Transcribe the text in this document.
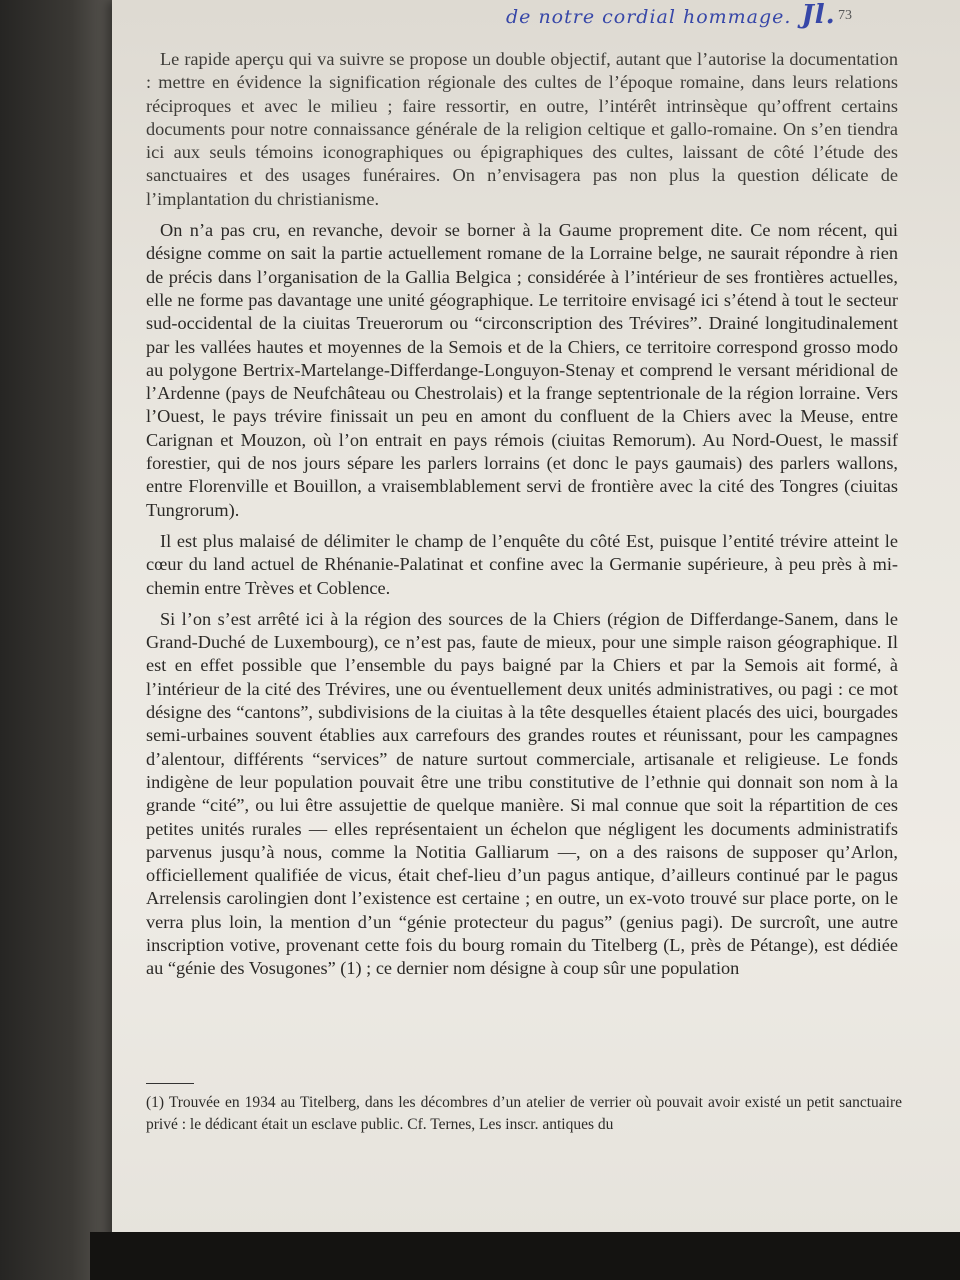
de notre cordial hommage. Jl. 73

Le rapide aperçu qui va suivre se propose un double objectif, autant que l’autorise la documentation : mettre en évidence la signification régionale des cultes de l’époque romaine, dans leurs relations réciproques et avec le milieu ; faire ressortir, en outre, l’intérêt intrinsèque qu’offrent certains documents pour notre connaissance générale de la religion celtique et gallo-romaine. On s’en tiendra ici aux seuls témoins iconographiques ou épigraphiques des cultes, laissant de côté l’étude des sanctuaires et des usages funéraires. On n’envisagera pas non plus la question délicate de l’implantation du christianisme.

On n’a pas cru, en revanche, devoir se borner à la Gaume proprement dite. Ce nom récent, qui désigne comme on sait la partie actuellement romane de la Lorraine belge, ne saurait répondre à rien de précis dans l’organisation de la Gallia Belgica ; considérée à l’intérieur de ses frontières actuelles, elle ne forme pas davantage une unité géographique. Le territoire envisagé ici s’étend à tout le secteur sud-occidental de la ciuitas Treuerorum ou “circonscription des Trévires”. Drainé longitudinalement par les vallées hautes et moyennes de la Semois et de la Chiers, ce territoire correspond grosso modo au polygone Bertrix-Martelange-Differdange-Longuyon-Stenay et comprend le versant méridional de l’Ardenne (pays de Neufchâteau ou Chestrolais) et la frange septentrionale de la région lorraine. Vers l’Ouest, le pays trévire finissait un peu en amont du confluent de la Chiers avec la Meuse, entre Carignan et Mouzon, où l’on entrait en pays rémois (ciuitas Remorum). Au Nord-Ouest, le massif forestier, qui de nos jours sépare les parlers lorrains (et donc le pays gaumais) des parlers wallons, entre Florenville et Bouillon, a vraisemblablement servi de frontière avec la cité des Tongres (ciuitas Tungrorum).

Il est plus malaisé de délimiter le champ de l’enquête du côté Est, puisque l’entité trévire atteint le cœur du land actuel de Rhénanie-Palatinat et confine avec la Germanie supérieure, à peu près à mi-chemin entre Trèves et Coblence.

Si l’on s’est arrêté ici à la région des sources de la Chiers (région de Differdange-Sanem, dans le Grand-Duché de Luxembourg), ce n’est pas, faute de mieux, pour une simple raison géographique. Il est en effet possible que l’ensemble du pays baigné par la Chiers et par la Semois ait formé, à l’intérieur de la cité des Trévires, une ou éventuellement deux unités administratives, ou pagi : ce mot désigne des “cantons”, subdivisions de la ciuitas à la tête desquelles étaient placés des uici, bourgades semi-urbaines souvent établies aux carrefours des grandes routes et réunissant, pour les campagnes d’alentour, différents “services” de nature surtout commerciale, artisanale et religieuse. Le fonds indigène de leur population pouvait être une tribu constitutive de l’ethnie qui donnait son nom à la grande “cité”, ou lui être assujettie de quelque manière. Si mal connue que soit la répartition de ces petites unités rurales — elles représentaient un échelon que négligent les documents administratifs parvenus jusqu’à nous, comme la Notitia Galliarum —, on a des raisons de supposer qu’Arlon, officiellement qualifiée de vicus, était chef-lieu d’un pagus antique, d’ailleurs continué par le pagus Arrelensis carolingien dont l’existence est certaine ; en outre, un ex-voto trouvé sur place porte, on le verra plus loin, la mention d’un “génie protecteur du pagus” (genius pagi). De surcroît, une autre inscription votive, provenant cette fois du bourg romain du Titelberg (L, près de Pétange), est dédiée au “génie des Vosugones” (1) ; ce dernier nom désigne à coup sûr une population

(1) Trouvée en 1934 au Titelberg, dans les décombres d’un atelier de verrier où pouvait avoir existé un petit sanctuaire privé : le dédicant était un esclave public. Cf. Ternes, Les inscr. antiques du
